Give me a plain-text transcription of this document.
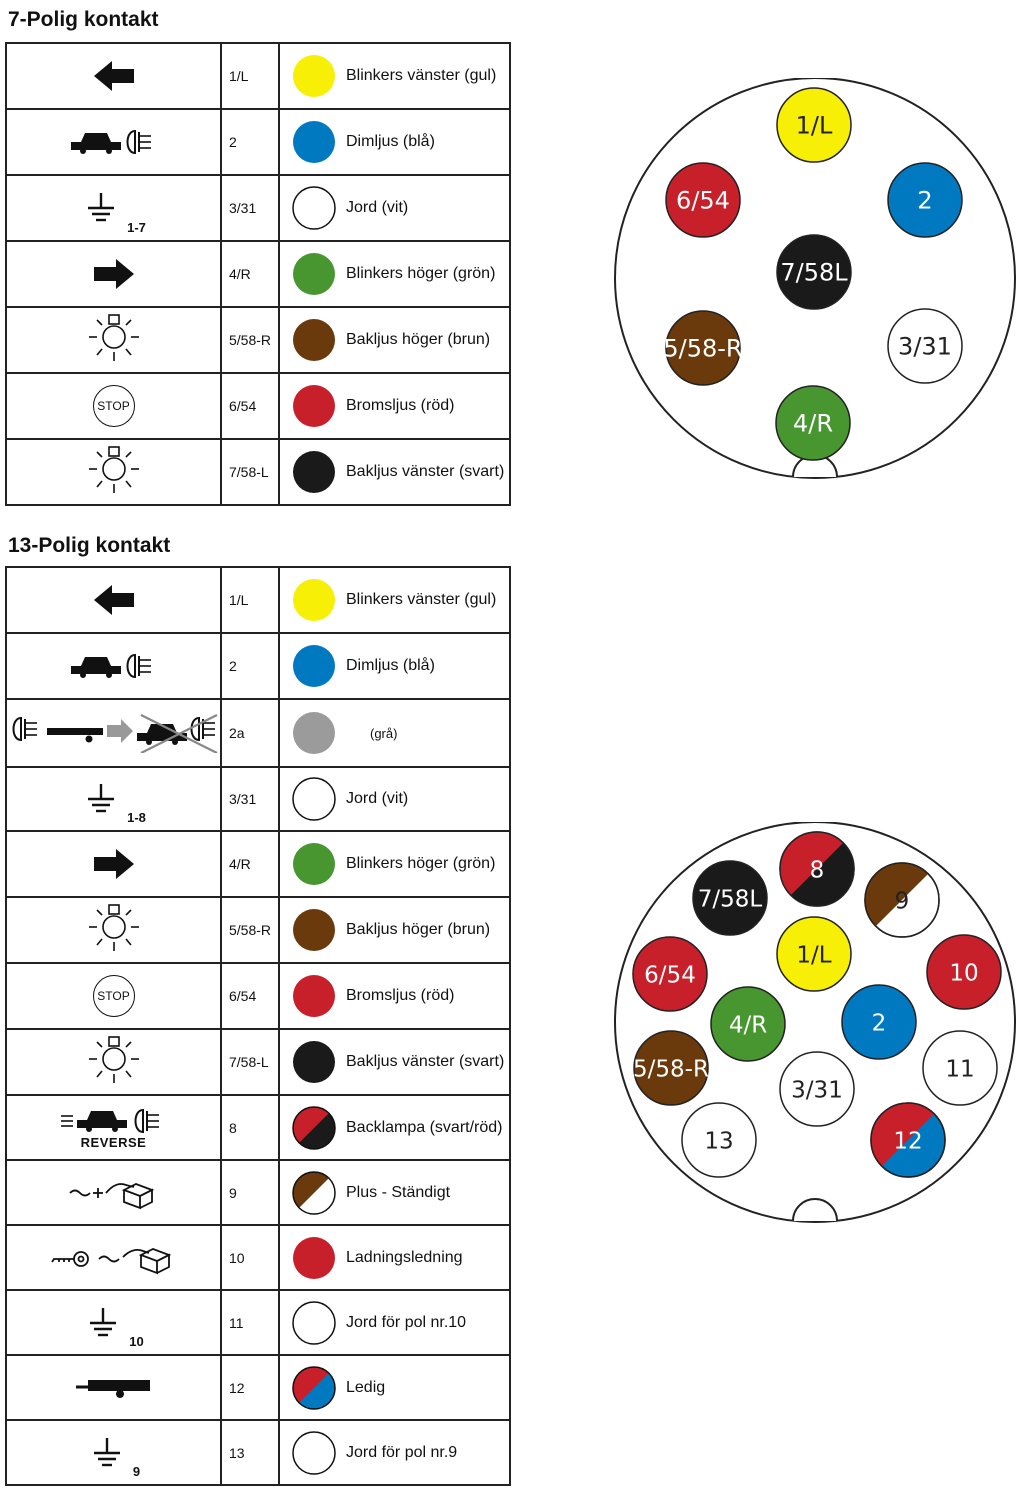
7-Polig kontakt
1/L	Blinkers vänster (gul)
2	Dimljus (blå)
1-7
3/31	Jord (vit)
4/R	Blinkers höger (grön)
5/58-R	Bakljus höger (brun)
STOP	6/54	Bromsljus (röd)
7/58-L	Bakljus vänster (svart)
1/L
2
3/31
4/R
5/58-R
6/54
7/58L
13-Polig kontakt
1/L	Blinkers vänster (gul)
2	Dimljus (blå)
2a	(grå)
1-8
3/31	Jord (vit)
4/R	Blinkers höger (grön)
5/58-R	Bakljus höger (brun)
STOP	6/54	Bromsljus (röd)
7/58-L	Bakljus vänster (svart)
REVERSE
8	Backlampa (svart/röd)
9	Plus - Ständigt
10	Ladningsledning
10
11	Jord för pol nr.10
12	Ledig
9
13	Jord för pol nr.9
1/L
2
3/31
4/R
5/58-R
6/54
7/58L
8
9
10
11
12
13
